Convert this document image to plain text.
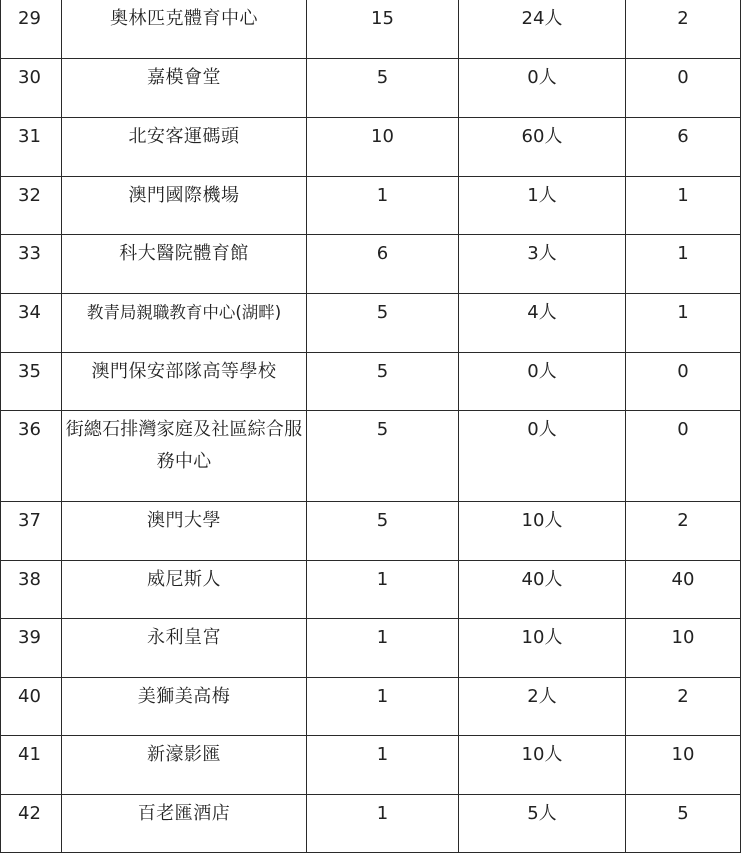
29	奧林匹克體育中心	15	24人	2

30	嘉模會堂	5	0人	0

31	北安客運碼頭	10	60人	6

32	澳門國際機場	1	1人	1

33	科大醫院體育館	6	3人	1

34	教青局親職教育中心(湖畔)	5	4人	1

35	澳門保安部隊高等學校	5	0人	0

36	街總石排灣家庭及社區綜合服務中心	5	0人	0

37	澳門大學	5	10人	2

38	威尼斯人	1	40人	40

39	永利皇宮	1	10人	10

40	美獅美高梅	1	2人	2

41	新濠影匯	1	10人	10

42	百老匯酒店	1	5人	5
